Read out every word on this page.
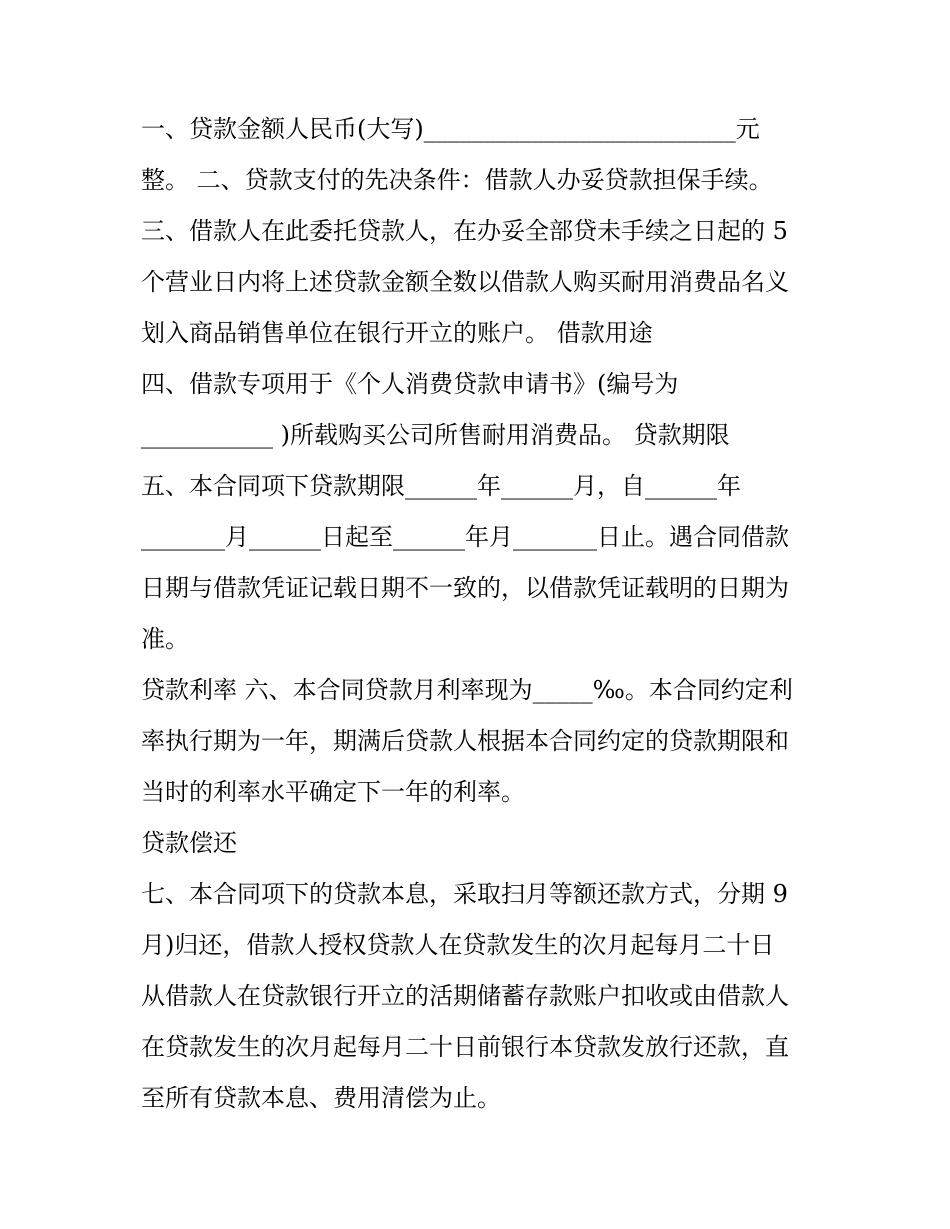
一、贷款金额人民币(大写)__________________________元
整。 二、贷款支付的先决条件：借款人办妥贷款担保手续。
三、借款人在此委托贷款人，在办妥全部贷未手续之日起的 5
个营业日内将上述贷款金额全数以借款人购买耐用消费品名义
划入商品销售单位在银行开立的账户。 借款用途
四、借款专项用于《个人消费贷款申请书》(编号为
___________ )所载购买公司所售耐用消费品。 贷款期限
五、本合同项下贷款期限______年______月，自______年
_______月______日起至______年月_______日止。遇合同借款
日期与借款凭证记载日期不一致的，以借款凭证载明的日期为
准。
贷款利率 六、本合同贷款月利率现为_____‰。本合同约定利
率执行期为一年，期满后贷款人根据本合同约定的贷款期限和
当时的利率水平确定下一年的利率。
贷款偿还
七、本合同项下的贷款本息，采取扫月等额还款方式，分期 9
月)归还，借款人授权贷款人在贷款发生的次月起每月二十日
从借款人在贷款银行开立的活期储蓄存款账户扣收或由借款人
在贷款发生的次月起每月二十日前银行本贷款发放行还款，直
至所有贷款本息、费用清偿为止。
